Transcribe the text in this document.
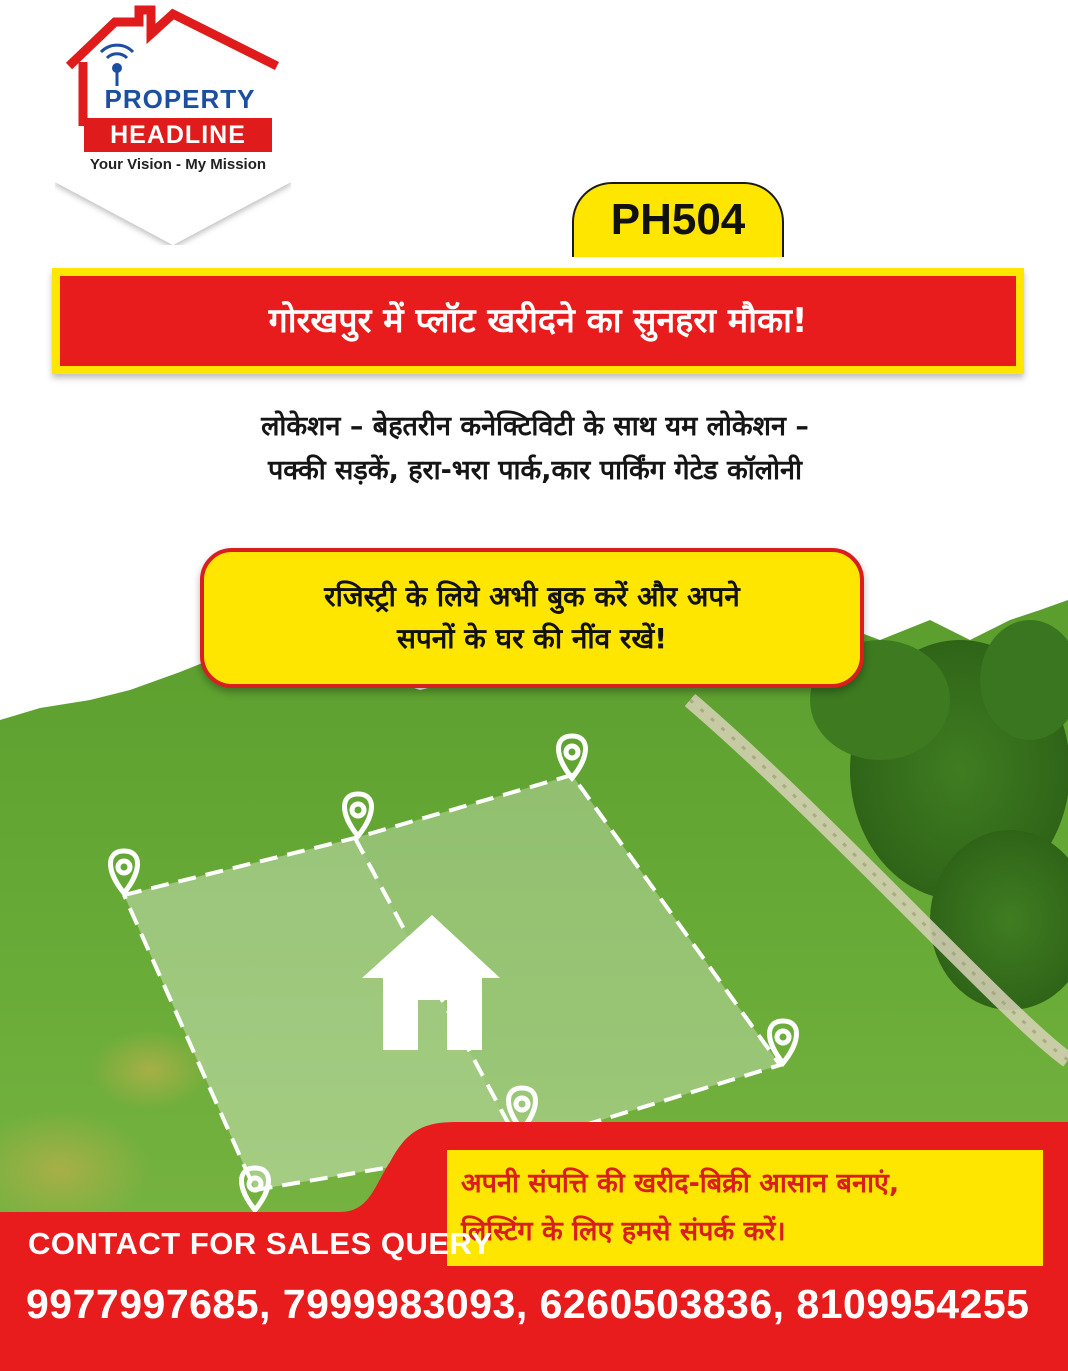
PROPERTY
HEADLINE
Your Vision - My Mission
PH504
गोरखपुर में प्लॉट खरीदने का सुनहरा मौका!
लोकेशन – बेहतरीन कनेक्टिविटी के साथ यम लोकेशन –
पक्की सड़कें, हरा-भरा पार्क,कार पार्किंग गेटेड कॉलोनी
रजिस्ट्री के लिये अभी बुक करें और अपने
सपनों के घर की नींव रखें!
अपनी संपत्ति की खरीद-बिक्री आसान बनाएं,
लिस्टिंग के लिए हमसे संपर्क करें।
CONTACT FOR SALES QUERY
9977997685, 7999983093, 6260503836, 8109954255
